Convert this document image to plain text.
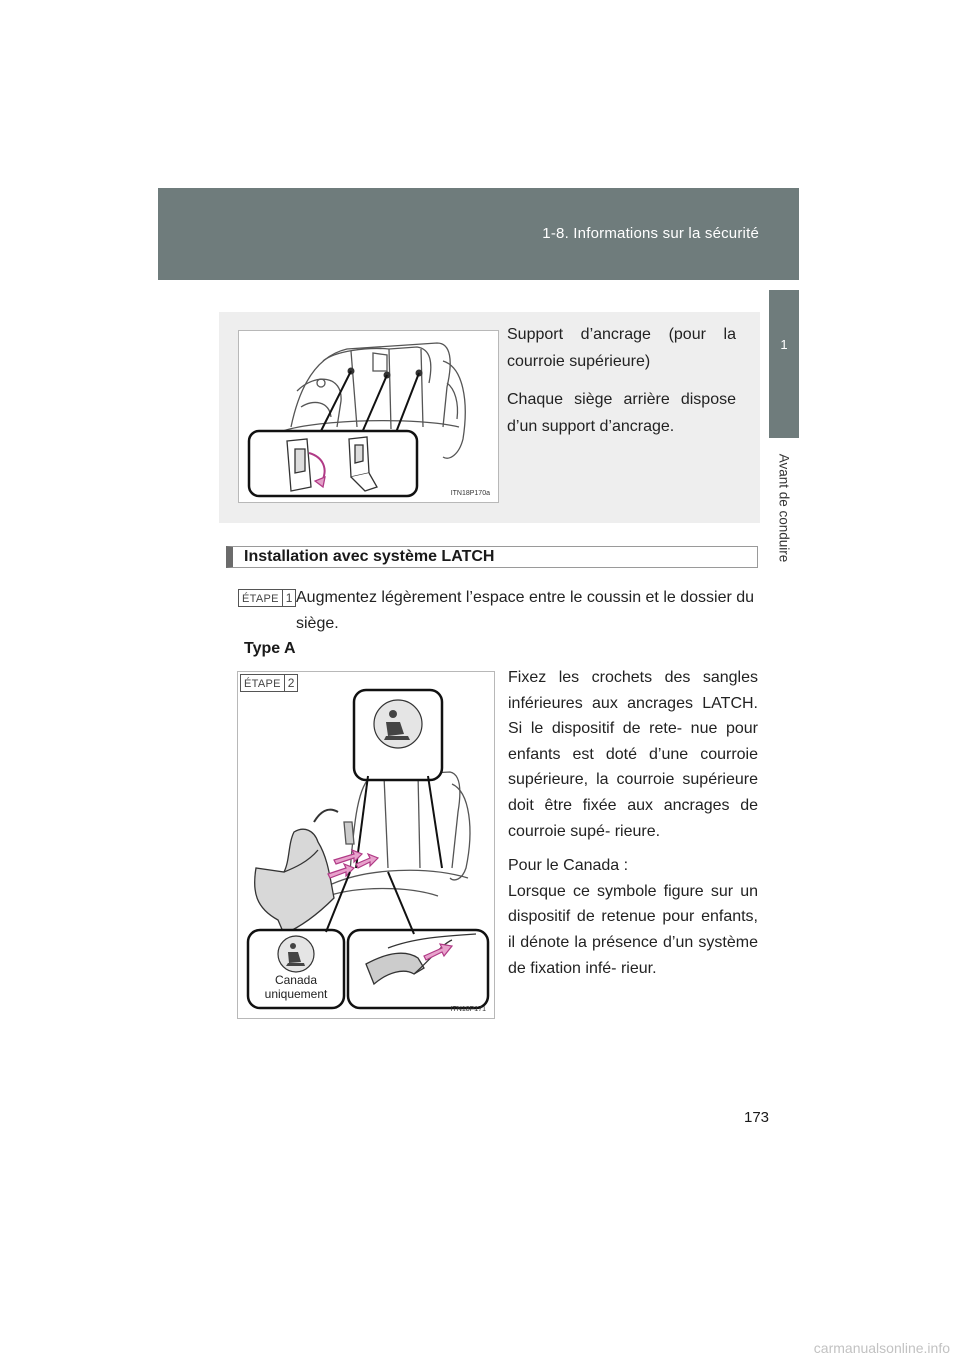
1-8. Informations sur la sécurité
1
Avant de conduire
ITN18P170a

Support d’ancrage (pour la courroie supérieure)

Chaque siège arrière dispose d’un support d’ancrage.

Installation avec système LATCH
ÉTAPE 1 Augmentez légèrement l’espace entre le coussin et le dossier du siège.
Type A
ÉTAPE 2
Canada
uniquement
ITN18P171

Fixez les crochets des sangles inférieures aux ancrages LATCH. Si le dispositif de rete- nue pour enfants est doté d’une courroie supérieure, la courroie supérieure doit être fixée aux ancrages de courroie supé- rieure.

Pour le Canada :

Lorsque ce symbole figure sur un dispositif de retenue pour enfants, il dénote la présence d’un système de fixation infé- rieur.

173
carmanualsonline.info
